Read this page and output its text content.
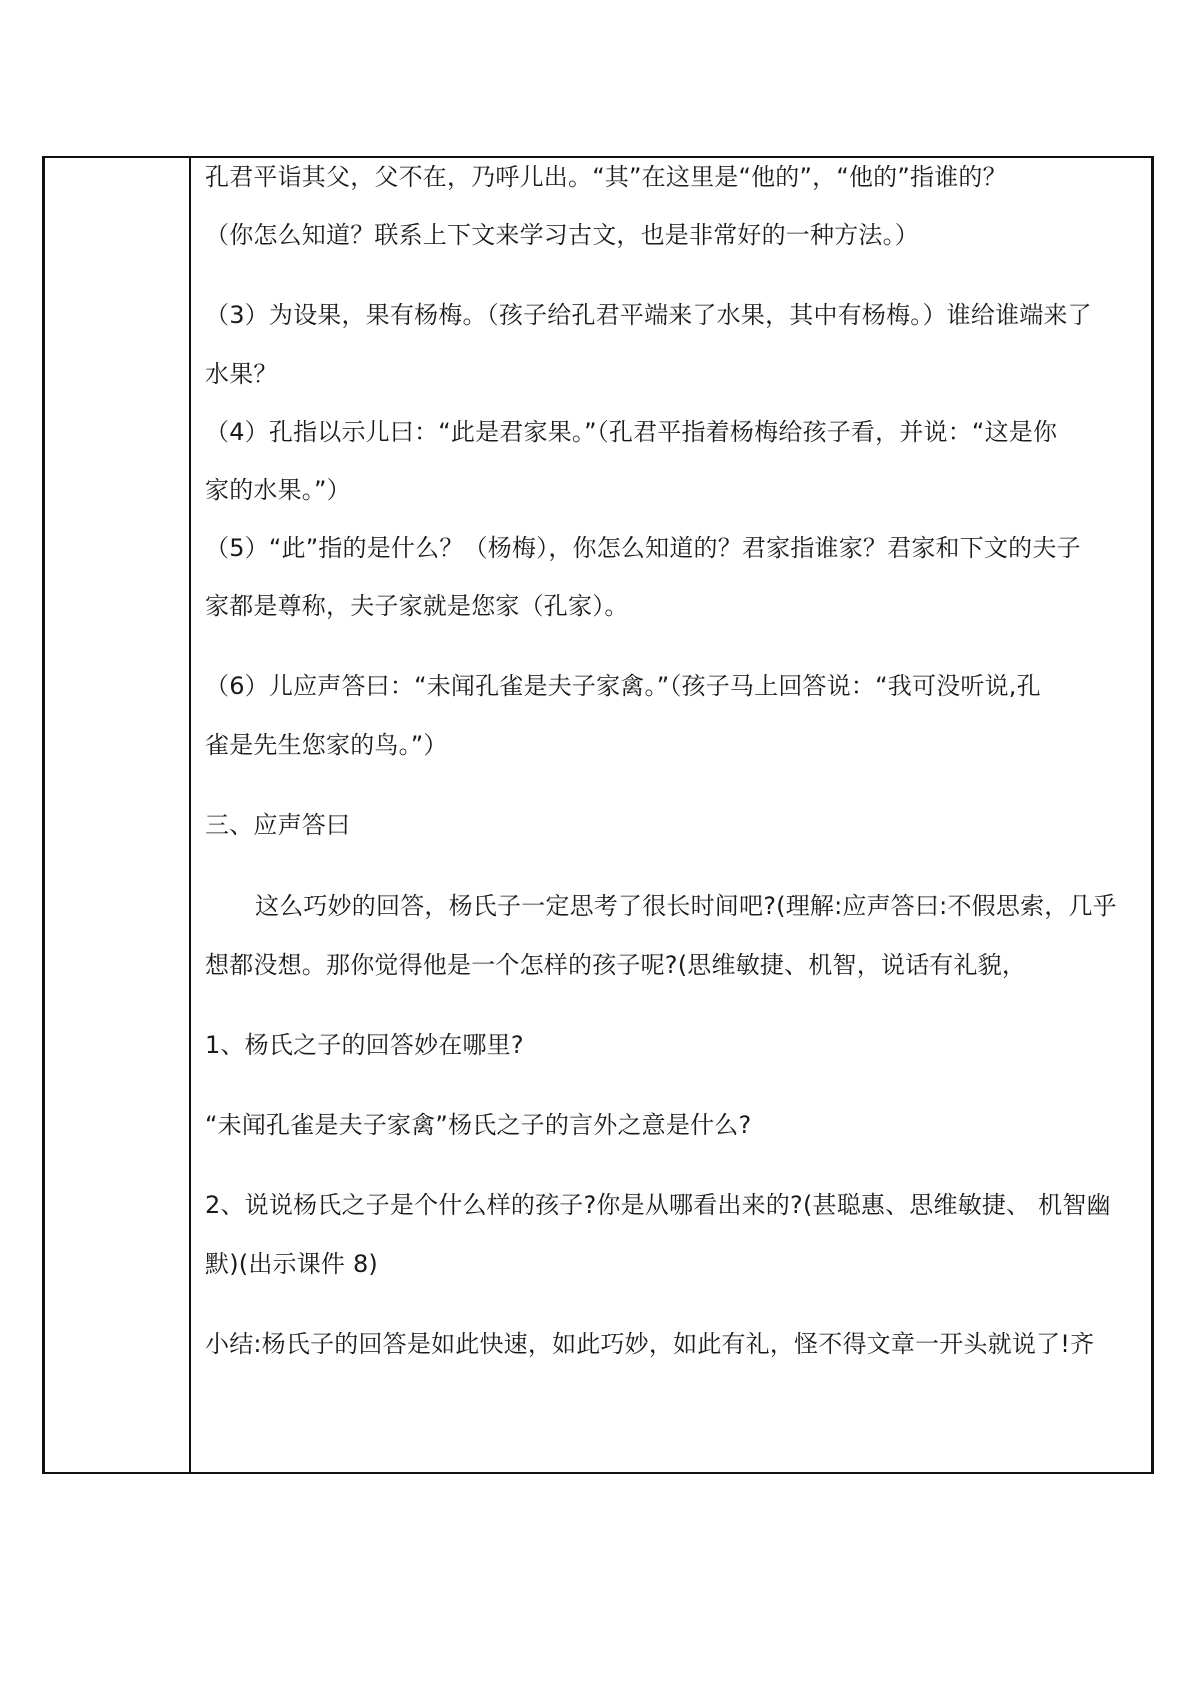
孔君平诣其父，父不在，乃呼儿出。“其”在这里是“他的”，“他的”指谁的？
（你怎么知道？联系上下文来学习古文，也是非常好的一种方法。）
（3）为设果，果有杨梅。（孩子给孔君平端来了水果，其中有杨梅。）谁给谁端来了
水果？
（4）孔指以示儿曰：“此是君家果。”（孔君平指着杨梅给孩子看，并说：“这是你
家的水果。”）
（5）“此”指的是什么？（杨梅），你怎么知道的？君家指谁家？君家和下文的夫子
家都是尊称，夫子家就是您家（孔家）。
（6）儿应声答曰：“未闻孔雀是夫子家禽。”（孩子马上回答说：“我可没听说,孔
雀是先生您家的鸟。”）
三、应声答曰
这么巧妙的回答，杨氏子一定思考了很长时间吧?(理解:应声答曰:不假思索，几乎
想都没想。那你觉得他是一个怎样的孩子呢?(思维敏捷、机智，说话有礼貌，
1、杨氏之子的回答妙在哪里?
“未闻孔雀是夫子家禽”杨氏之子的言外之意是什么?
2、说说杨氏之子是个什么样的孩子?你是从哪看出来的?(甚聪惠、思维敏捷、 机智幽
默)(出示课件 8)
小结:杨氏子的回答是如此快速，如此巧妙，如此有礼，怪不得文章一开头就说了!齐
